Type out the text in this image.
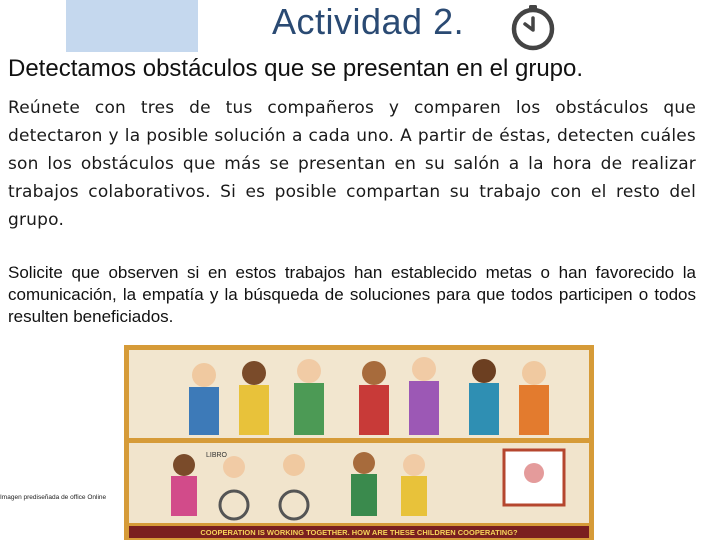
Actividad 2.
Detectamos obstáculos que se presentan en el grupo.
Reúnete con tres de tus compañeros y comparen los obstáculos que detectaron y la posible solución a cada uno. A partir de éstas, detecten cuáles son los obstáculos que más se presentan en su salón a la hora de realizar trabajos colaborativos. Si es posible compartan su trabajo con el resto del grupo.
Solicite que observen si en estos trabajos han establecido metas o han favorecido la comunicación, la empatía y la búsqueda de soluciones para que todos participen o todos resulten beneficiados.
LIBRO
COOPERATION IS WORKING TOGETHER. HOW ARE THESE CHILDREN COOPERATING?
Imagen prediseñada de office Online
